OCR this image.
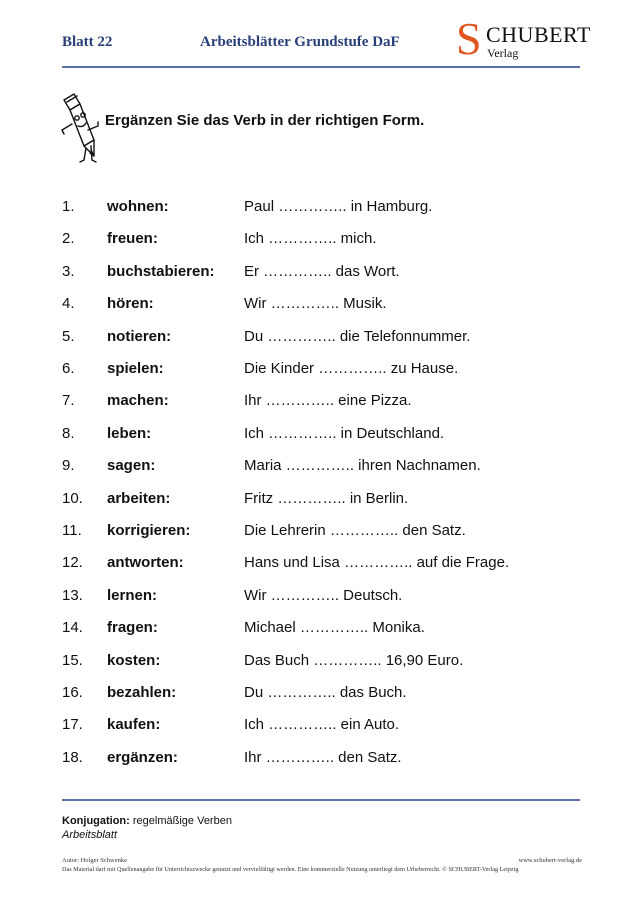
Blatt 22	Arbeitsblätter Grundstufe DaF S CHUBERT
Verlag
Ergänzen Sie das Verb in der richtigen Form.
1. wohnen:	Paul ………….. in Hamburg.
2. freuen:	Ich ………….. mich.
3. buchstabieren: Er ………….. das Wort.
4. hören:	Wir ………….. Musik.
5. notieren:	Du ………….. die Telefonnummer.
6. spielen:	Die Kinder ………….. zu Hause.
7. machen:	Ihr ………….. eine Pizza.
8. leben:	Ich ………….. in Deutschland.
9. sagen:	Maria ………….. ihren Nachnamen.
10. arbeiten:	Fritz ………….. in Berlin.
11. korrigieren:	Die Lehrerin ………….. den Satz.
12. antworten:	Hans und Lisa ………….. auf die Frage.
13. lernen:	Wir ………….. Deutsch.
14. fragen:	Michael ………….. Monika.
15. kosten:	Das Buch ………….. 16,90 Euro.
16. bezahlen:	Du ………….. das Buch.
17. kaufen:	Ich ………….. ein Auto.
18. ergänzen:	Ihr ………….. den Satz.
Konjugation: regelmäßige Verben
Arbeitsblatt
Autor: Holger Schwenke	www.schubert-verlag.de
Das Material darf mit Quellenangabe für Unterrichtszwecke genutzt und vervielfältigt werden. Eine kommerzielle Nutzung unterliegt dem Urheberrecht. © SCHUBERT-Verlag Leipzig
